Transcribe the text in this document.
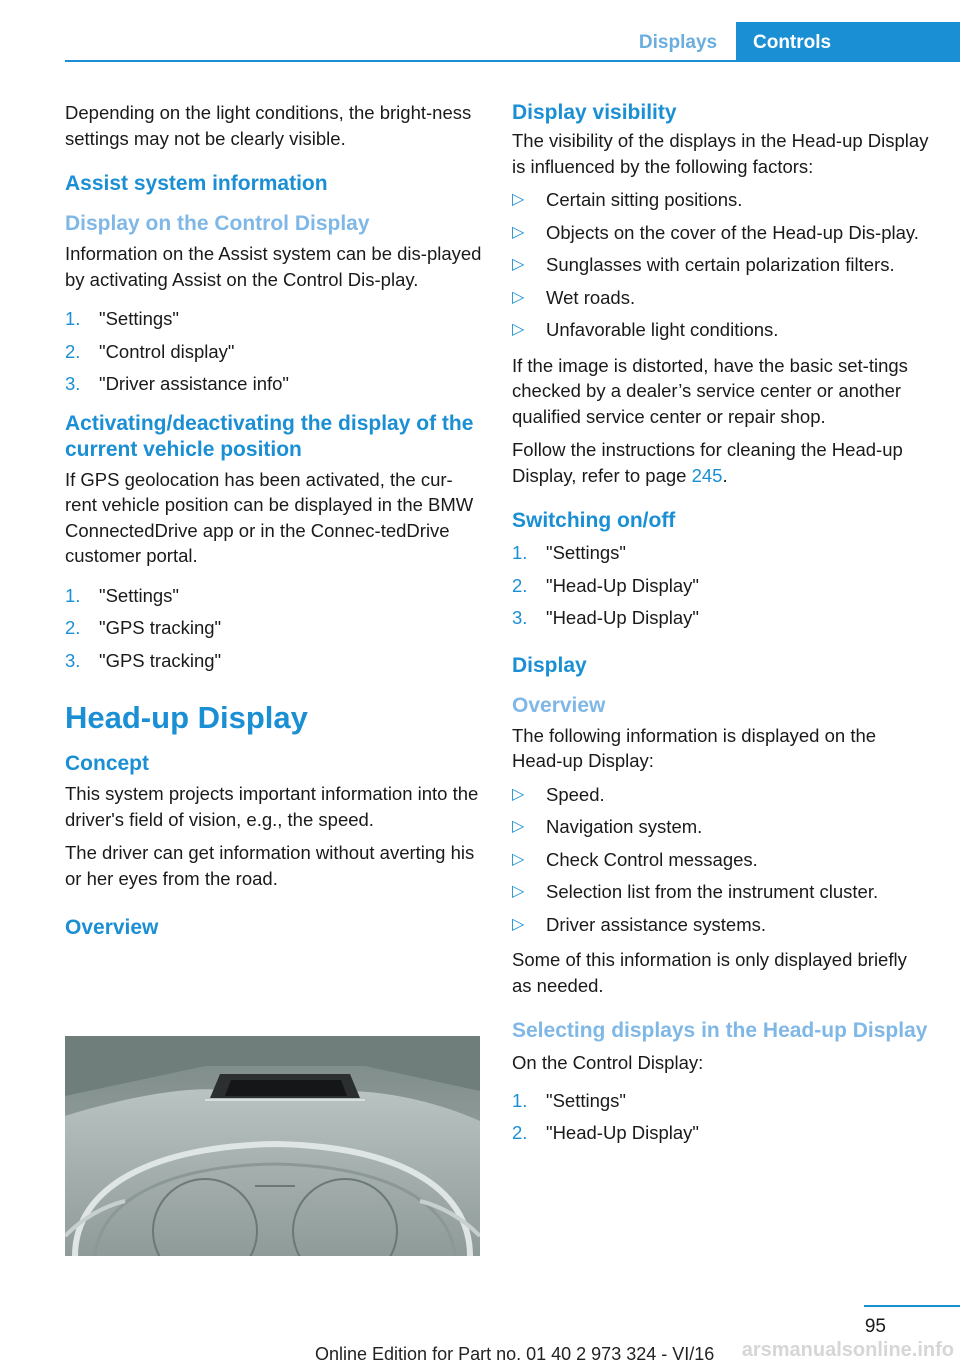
Displays	Controls

Depending on the light conditions, the bright-ness settings may not be clearly visible.

Assist system information
Display on the Control Display

Information on the Assist system can be dis-played by activating Assist on the Control Dis-play.

1. "Settings"
2. "Control display"
3. "Driver assistance info"
Activating/deactivating the display of the current vehicle position

If GPS geolocation has been activated, the cur-rent vehicle position can be displayed in the BMW ConnectedDrive app or in the Connec-tedDrive customer portal.

1. "Settings"
2. "GPS tracking"
3. "GPS tracking"
Head-up Display
Concept

This system projects important information into the driver's field of vision, e.g., the speed.

The driver can get information without averting his or her eyes from the road.

Overview
Display visibility

The visibility of the displays in the Head-up Display is influenced by the following factors:

▷ Certain sitting positions.
▷ Objects on the cover of the Head-up Dis-play.
▷ Sunglasses with certain polarization filters.
▷ Wet roads.
▷ Unfavorable light conditions.

If the image is distorted, have the basic set-tings checked by a dealer’s service center or another qualified service center or repair shop.

Follow the instructions for cleaning the Head-up Display, refer to page 245.

Switching on/off
1. "Settings"
2. "Head-Up Display"
3. "Head-Up Display"
Display
Overview

The following information is displayed on the Head-up Display:

▷ Speed.
▷ Navigation system.
▷ Check Control messages.
▷ Selection list from the instrument cluster.
▷ Driver assistance systems.

Some of this information is only displayed briefly as needed.

Selecting displays in the Head-up Display

On the Control Display:

1. "Settings"
2. "Head-Up Display"
95
Online Edition for Part no. 01 40 2 973 324 - VI/16 arsmanualsonline.info
